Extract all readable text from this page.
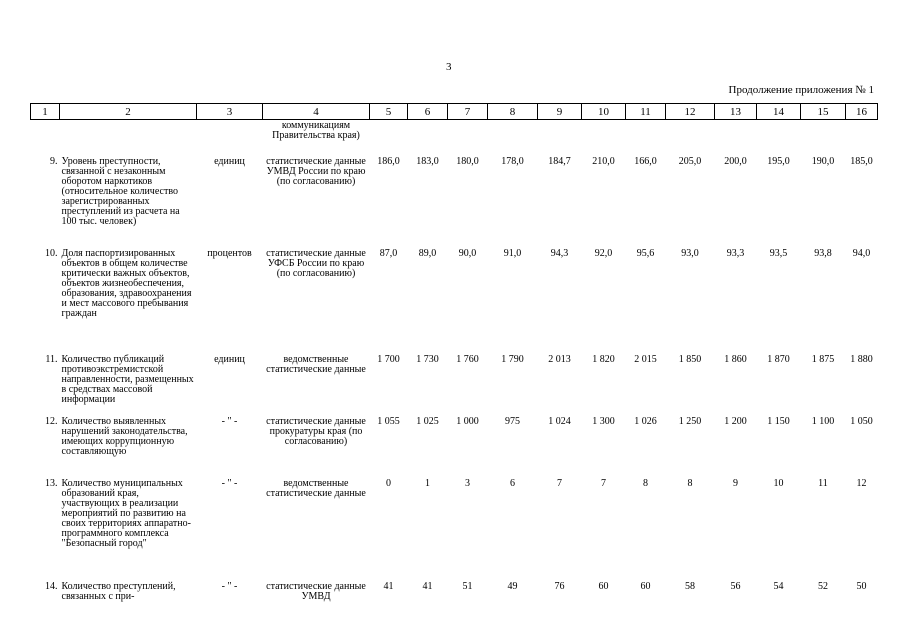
3
Продолжение приложения № 1
1	2	3	4	5	6	7	8	9	10	11	12	13	14	15	16
			коммуникациям Правительства края)												
9.	Уровень преступности, связанной с незаконным оборотом наркотиков (относительное количество зарегистрированных преступлений из расчета на 100 тыс. человек)	единиц	статистические данные УМВД России по краю (по согласованию)	186,0	183,0	180,0	178,0	184,7	210,0	166,0	205,0	200,0	195,0	190,0	185,0
10.	Доля паспортизированных объектов в общем количестве критически важных объектов, объектов жизнеобеспечения, образования, здравоохранения и мест массового пребывания граждан	процентов	статистические данные УФСБ России по краю (по согласованию)	87,0	89,0	90,0	91,0	94,3	92,0	95,6	93,0	93,3	93,5	93,8	94,0
11.	Количество публикаций противоэкстремистской направленности, размещенных в средствах массовой информации	единиц	ведомственные статистические данные	1 700	1 730	1 760	1 790	2 013	1 820	2 015	1 850	1 860	1 870	1 875	1 880
12.	Количество выявленных нарушений законодательства, имеющих коррупционную составляющую	- " -	статистические данные прокуратуры края (по согласованию)	1 055	1 025	1 000	975	1 024	1 300	1 026	1 250	1 200	1 150	1 100	1 050
13.	Количество муниципальных образований края, участвующих в реализации мероприятий по развитию на своих территориях аппаратно-программного комплекса "Безопасный город"	- " -	ведомственные статистические данные	0	1	3	6	7	7	8	8	9	10	11	12
14.	Количество преступлений, связанных с при-	- " -	статистические данные УМВД	41	41	51	49	76	60	60	58	56	54	52	50
